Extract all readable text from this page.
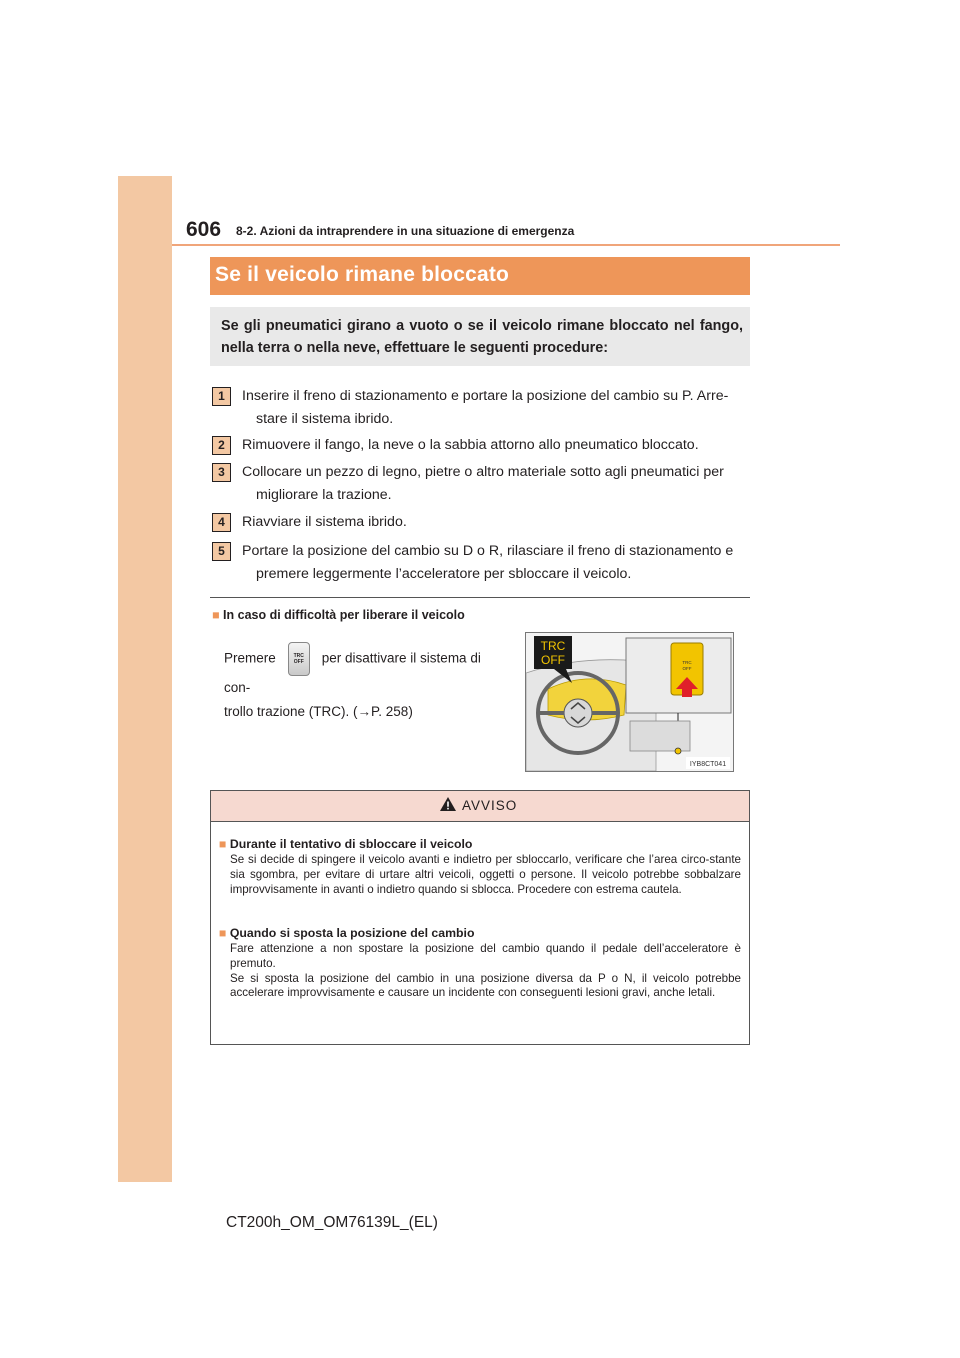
606 8-2. Azioni da intraprendere in una situazione di emergenza
Se il veicolo rimane bloccato
Se gli pneumatici girano a vuoto o se il veicolo rimane bloccato nel fango, nella terra o nella neve, effettuare le seguenti procedure:
1	Inserire il freno di stazionamento e portare la posizione del cambio su P. Arre-
stare il sistema ibrido.
2	Rimuovere il fango, la neve o la sabbia attorno allo pneumatico bloccato.
3	Collocare un pezzo di legno, pietre o altro materiale sotto agli pneumatici per
migliorare la trazione.
4	Riavviare il sistema ibrido.
5	Portare la posizione del cambio su D o R, rilasciare il freno di stazionamento e
premere leggermente l’acceleratore per sbloccare il veicolo.
■ In caso di difficoltà per liberare il veicolo
Premere	TRC
OFF per disattivare il sistema di con-
trollo trazione (TRC). (→P. 258)
TRC
OFF
TRC
OFF
IYB8CT041
AVVISO
■ Durante il tentativo di sbloccare il veicolo
Se si decide di spingere il veicolo avanti e indietro per sbloccarlo, verificare che l’area circo-stante sia sgombra, per evitare di urtare altri veicoli, oggetti o persone. Il veicolo potrebbe sobbalzare improvvisamente in avanti o indietro quando si sblocca. Procedere con estrema cautela.
■ Quando si sposta la posizione del cambio
Fare attenzione a non spostare la posizione del cambio quando il pedale dell’acceleratore è premuto.
Se si sposta la posizione del cambio in una posizione diversa da P o N, il veicolo potrebbe accelerare improvvisamente e causare un incidente con conseguenti lesioni gravi, anche letali.
CT200h_OM_OM76139L_(EL)
